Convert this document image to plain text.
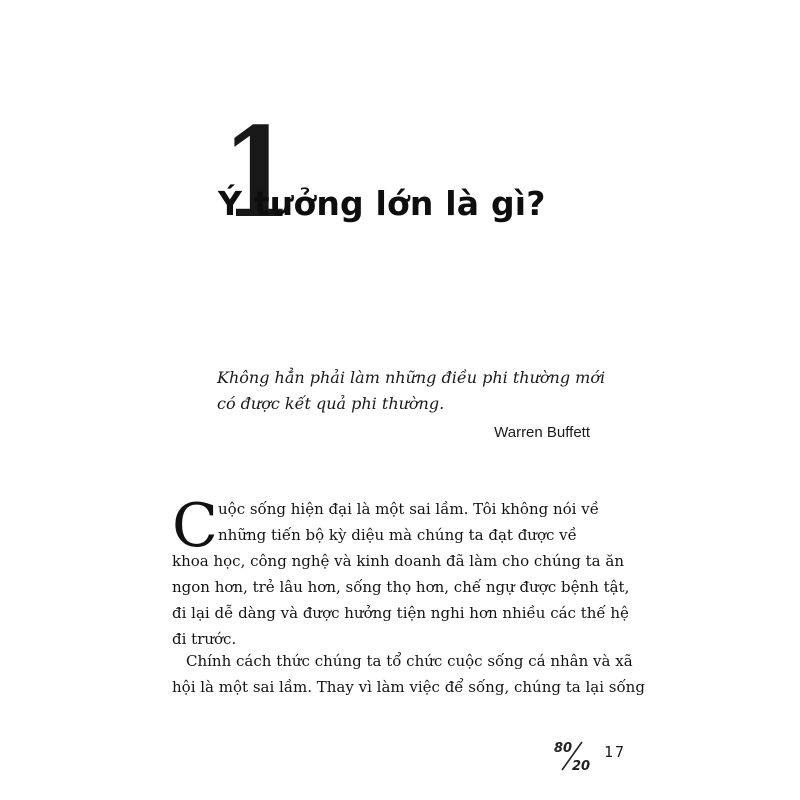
1
Ý tưởng lớn là gì?
Không hẳn phải làm những điều phi thường mới
có được kết quả phi thường.
Warren Buffett
C uộc sống hiện đại là một sai lầm. Tôi không nói về
những tiến bộ kỳ diệu mà chúng ta đạt được về
khoa học, công nghệ và kinh doanh đã làm cho chúng ta ăn
ngon hơn, trẻ lâu hơn, sống thọ hơn, chế ngự được bệnh tật,
đi lại dễ dàng và được hưởng tiện nghi hơn nhiều các thế hệ
đi trước.
Chính cách thức chúng ta tổ chức cuộc sống cá nhân và xã
hội là một sai lầm. Thay vì làm việc để sống, chúng ta lại sống
80
20
17
